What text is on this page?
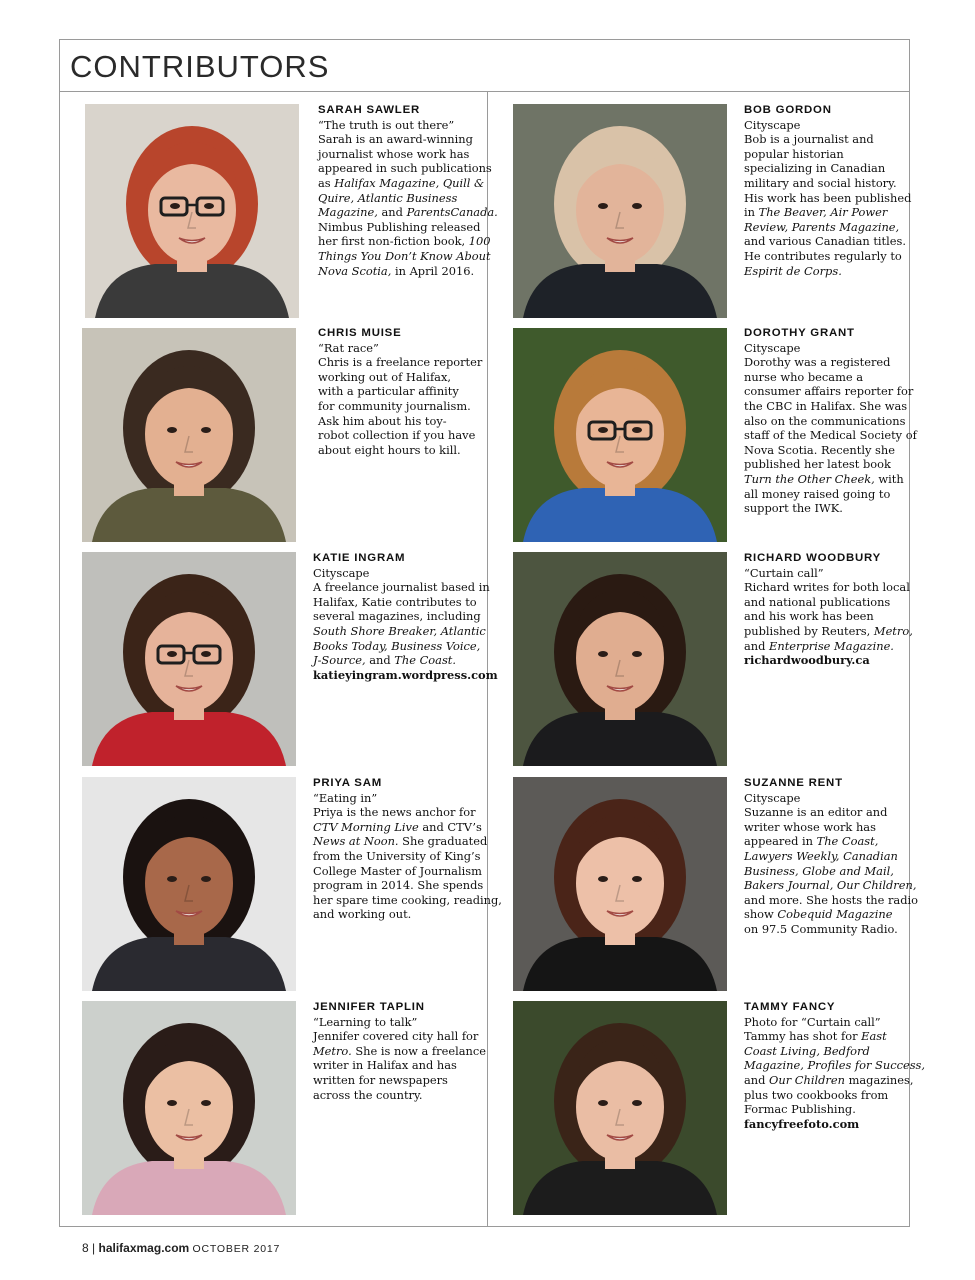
CONTRIBUTORS
SARAH SAWLER
“The truth is out there”
Sarah is an award-winning
journalist whose work has
appeared in such publications
as Halifax Magazine, Quill &
Quire, Atlantic Business
Magazine, and ParentsCanada.
Nimbus Publishing released
her first non-fiction book, 100
Things You Don’t Know About
Nova Scotia, in April 2016.
BOB GORDON
Cityscape
Bob is a journalist and
popular historian
specializing in Canadian
military and social history.
His work has been published
in The Beaver, Air Power
Review, Parents Magazine,
and various Canadian titles.
He contributes regularly to
Espirit de Corps.
CHRIS MUISE
“Rat race”
Chris is a freelance reporter
working out of Halifax,
with a particular affinity
for community journalism.
Ask him about his toy-
robot collection if you have
about eight hours to kill.
DOROTHY GRANT
Cityscape
Dorothy was a registered
nurse who became a
consumer affairs reporter for
the CBC in Halifax. She was
also on the communications
staff of the Medical Society of
Nova Scotia. Recently she
published her latest book
Turn the Other Cheek, with
all money raised going to
support the IWK.
KATIE INGRAM
Cityscape
A freelance journalist based in
Halifax, Katie contributes to
several magazines, including
South Shore Breaker, Atlantic
Books Today, Business Voice,
J-Source, and The Coast.
katieyingram.wordpress.com
RICHARD WOODBURY
“Curtain call”
Richard writes for both local
and national publications
and his work has been
published by Reuters, Metro,
and Enterprise Magazine.
richardwoodbury.ca
PRIYA SAM
“Eating in”
Priya is the news anchor for
CTV Morning Live and CTV’s
News at Noon. She graduated
from the University of King’s
College Master of Journalism
program in 2014. She spends
her spare time cooking, reading,
and working out.
SUZANNE RENT
Cityscape
Suzanne is an editor and
writer whose work has
appeared in The Coast,
Lawyers Weekly, Canadian
Business, Globe and Mail,
Bakers Journal, Our Children,
and more. She hosts the radio
show Cobequid Magazine
on 97.5 Community Radio.
JENNIFER TAPLIN
“Learning to talk”
Jennifer covered city hall for
Metro. She is now a freelance
writer in Halifax and has
written for newspapers
across the country.
TAMMY FANCY
Photo for “Curtain call”
Tammy has shot for East
Coast Living, Bedford
Magazine, Profiles for Success,
and Our Children magazines,
plus two cookbooks from
Formac Publishing.
fancyfreefoto.com
8 | halifaxmag.com OCTOBER 2017
